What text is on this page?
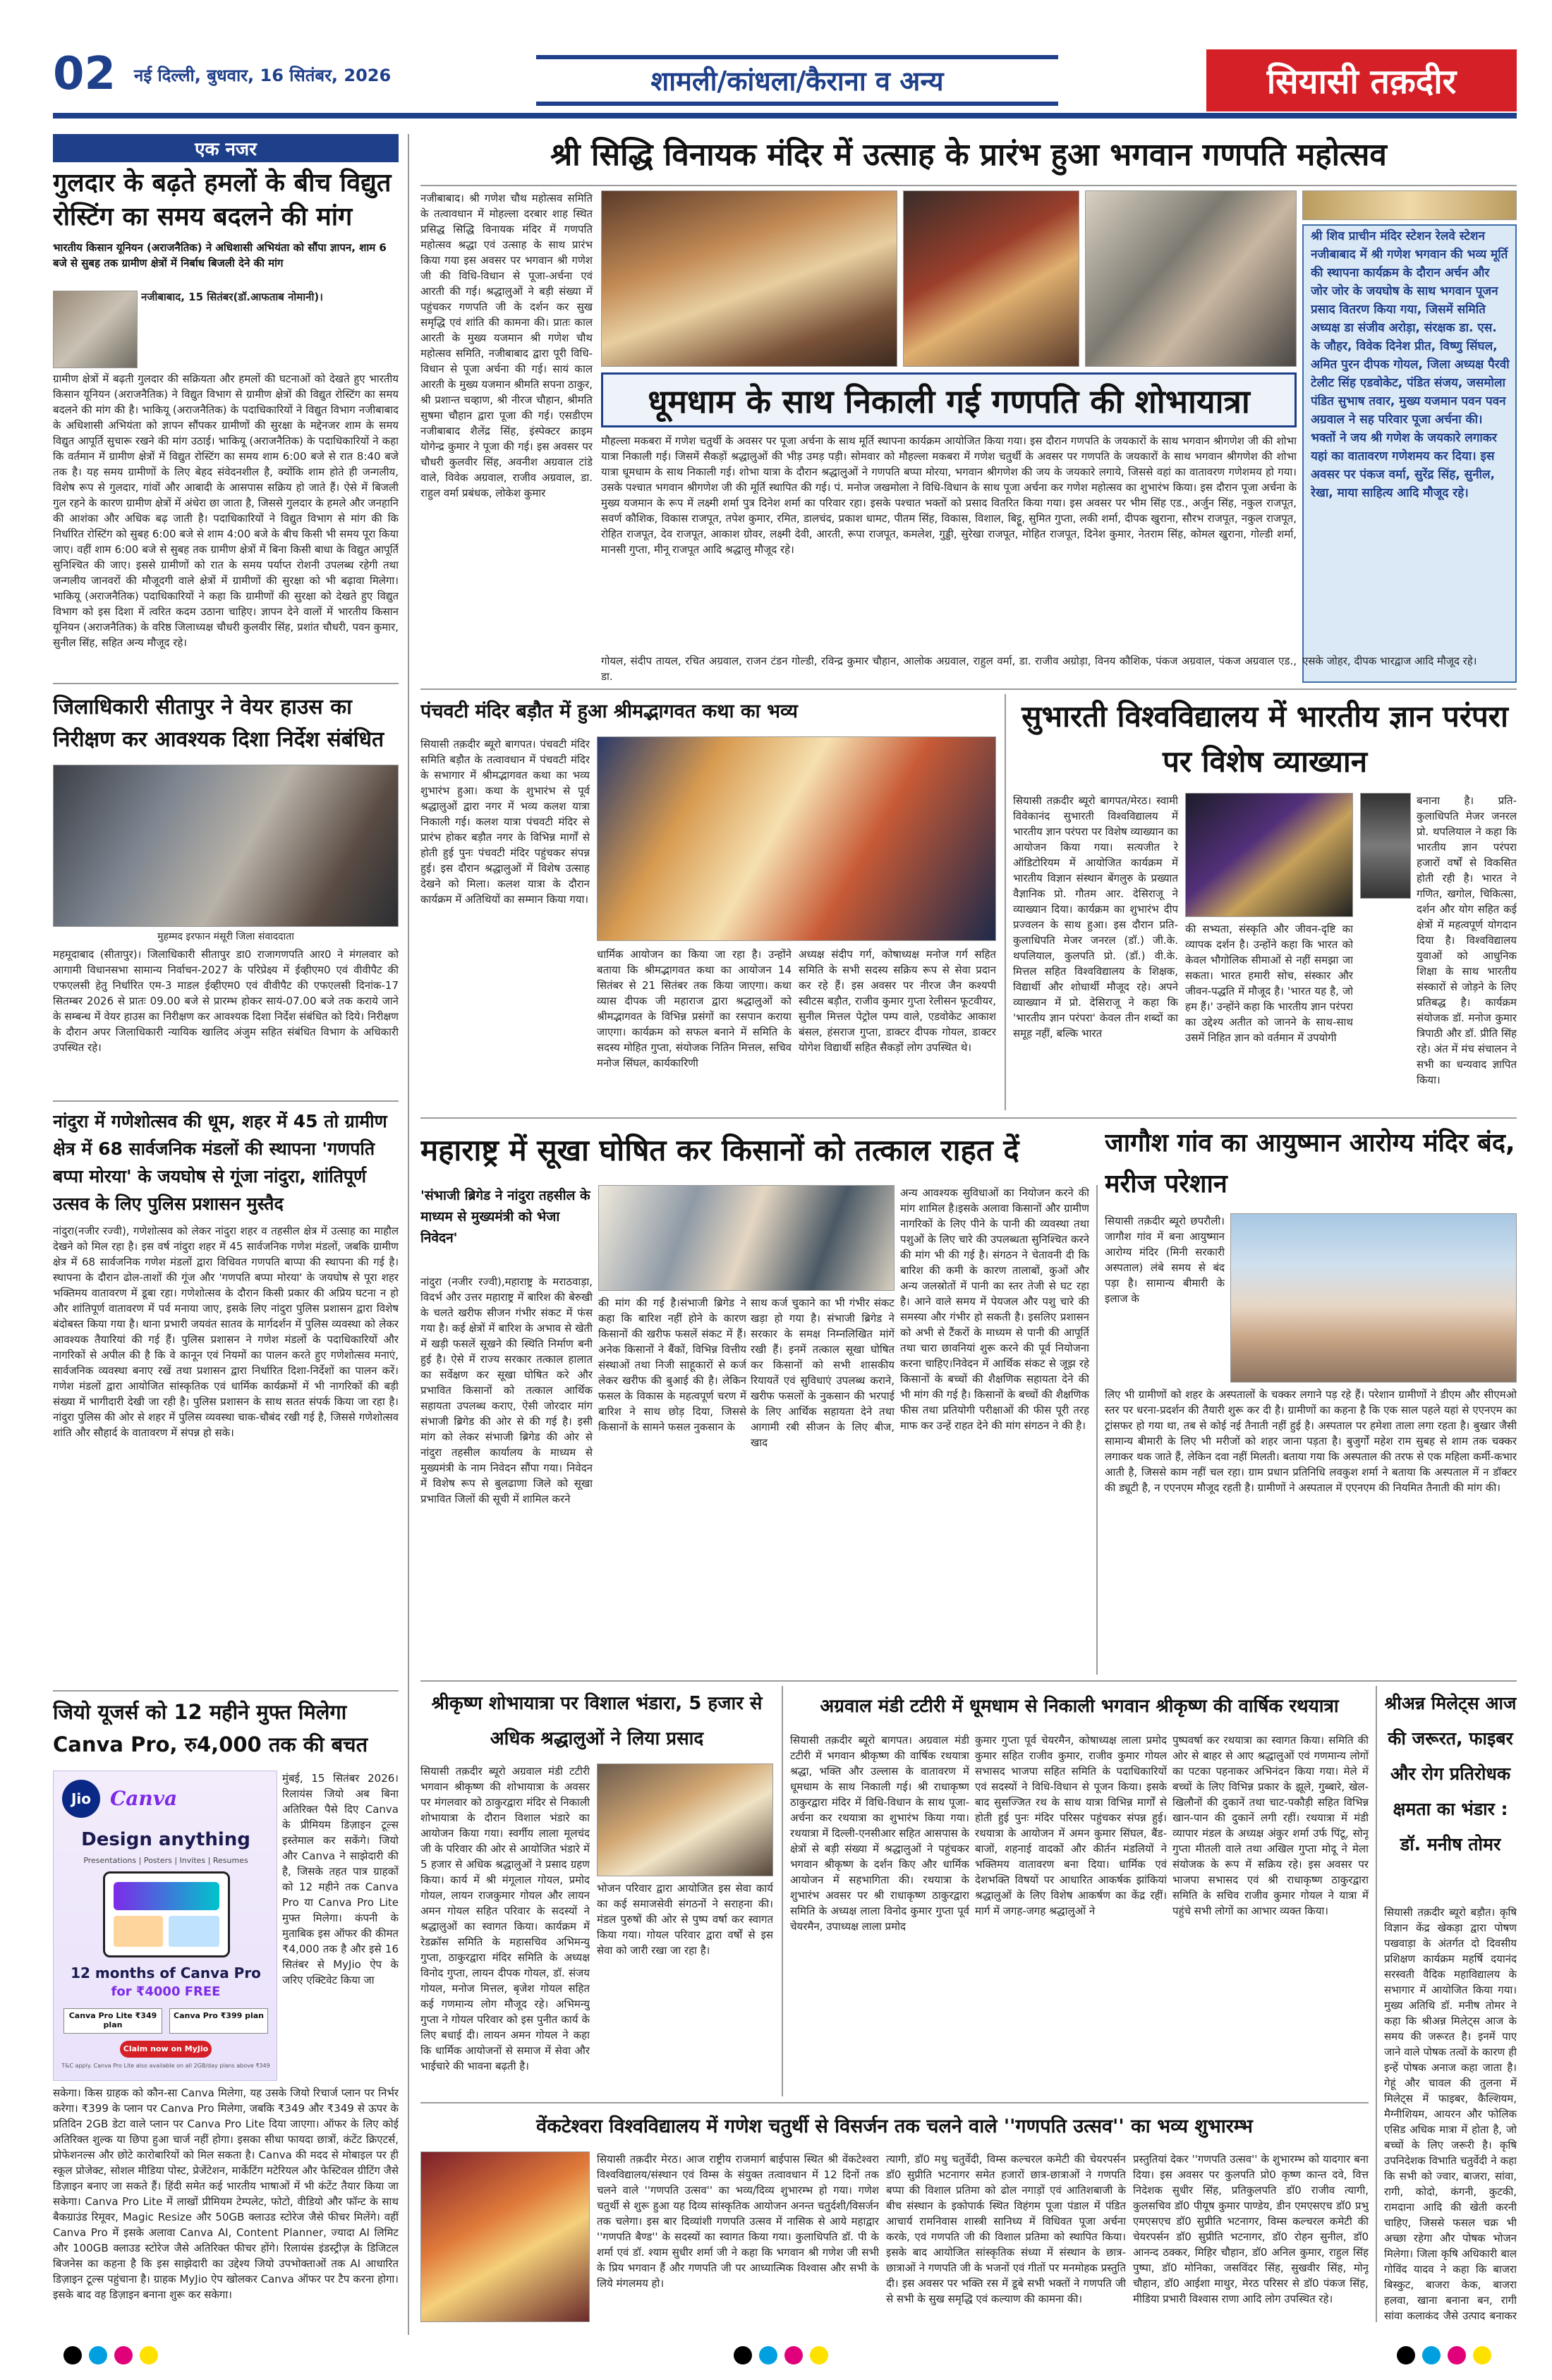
02 नई दिल्ली, बुधवार, 16 सितंबर, 2026	शामली/कांधला/कैराना व अन्य	सियासी तक़दीर
एक नजर
गुलदार के बढ़ते हमलों के बीच विद्युत रोस्टिंग का समय बदलने की मांग
भारतीय किसान यूनियन (अराजनैतिक) ने अधिशासी अभियंता को सौंपा ज्ञापन, शाम 6 बजे से सुबह तक ग्रामीण क्षेत्रों में निर्बाध बिजली देने की मांग
नजीबाबाद, 15 सितंबर(डॉ.आफताब नोमानी)।
ग्रामीण क्षेत्रों में बढ़ती गुलदार की सक्रियता और हमलों की घटनाओं को देखते हुए भारतीय किसान यूनियन (अराजनैतिक) ने विद्युत विभाग से ग्रामीण क्षेत्रों की विद्युत रोस्टिंग का समय बदलने की मांग की है। भाकियू (अराजनैतिक) के पदाधिकारियों ने विद्युत विभाग नजीबाबाद के अधिशासी अभियंता को ज्ञापन सौंपकर ग्रामीणों की सुरक्षा के मद्देनजर शाम के समय विद्युत आपूर्ति सुचारू रखने की मांग उठाई। भाकियू (अराजनैतिक) के पदाधिकारियों ने कहा कि वर्तमान में ग्रामीण क्षेत्रों में विद्युत रोस्टिंग का समय शाम 6:00 बजे से रात 8:40 बजे तक है। यह समय ग्रामीणों के लिए बेहद संवेदनशील है, क्योंकि शाम होते ही जन्गलीय, विशेष रूप से गुलदार, गांवों और आबादी के आसपास सक्रिय हो जाते हैं। ऐसे में बिजली गुल रहने के कारण ग्रामीण क्षेत्रों में अंधेरा छा जाता है, जिससे गुलदार के हमले और जनहानि की आशंका और अधिक बढ़ जाती है। पदाधिकारियों ने विद्युत विभाग से मांग की कि निर्धारित रोस्टिंग को सुबह 6:00 बजे से शाम 4:00 बजे के बीच किसी भी समय पूरा किया जाए। वहीं शाम 6:00 बजे से सुबह तक ग्रामीण क्षेत्रों में बिना किसी बाधा के विद्युत आपूर्ति सुनिश्चित की जाए। इससे ग्रामीणों को रात के समय पर्याप्त रोशनी उपलब्ध रहेगी तथा जन्गलीय जानवरों की मौजूदगी वाले क्षेत्रों में ग्रामीणों की सुरक्षा को भी बढ़ावा मिलेगा। भाकियू (अराजनैतिक) पदाधिकारियों ने कहा कि ग्रामीणों की सुरक्षा को देखते हुए विद्युत विभाग को इस दिशा में त्वरित कदम उठाना चाहिए। ज्ञापन देने वालों में भारतीय किसान यूनियन (अराजनैतिक) के वरिष्ठ जिलाध्यक्ष चौधरी कुलवीर सिंह, प्रशांत चौधरी, पवन कुमार, सुनील सिंह, सहित अन्य मौजूद रहे।
जिलाधिकारी सीतापुर ने वेयर हाउस का निरीक्षण कर आवश्यक दिशा निर्देश संबंधित
मुहम्मद इरफान मंसूरी जिला संवाददाता
महमूदाबाद (सीतापुर)। जिलाधिकारी सीतापुर डा0 राजागणपति आर0 ने मंगलवार को आगामी विधानसभा सामान्य निर्वाचन-2027 के परिप्रेक्ष्य में ईव्हीएम0 एवं वीवीपैट की एफएलसी हेतु निर्धारित एम-3 माडल ईव्हीएम0 एवं वीवीपैट की एफएलसी दिनांक-17 सितम्बर 2026 से प्रातः 09.00 बजे से प्रारम्भ होकर सायं-07.00 बजे तक कराये जाने के सम्बन्ध में वेयर हाउस का निरीक्षण कर आवश्यक दिशा निर्देश संबंधित को दिये। निरीक्षण के दौरान अपर जिलाधिकारी न्यायिक खालिद अंजुम सहित संबंधित विभाग के अधिकारी उपस्थित रहे।
नांदुरा में गणेशोत्सव की धूम, शहर में 45 तो ग्रामीण क्षेत्र में 68 सार्वजनिक मंडलों की स्थापना 'गणपति बप्पा मोरया' के जयघोष से गूंजा नांदुरा, शांतिपूर्ण उत्सव के लिए पुलिस प्रशासन मुस्तैद
नांदुरा(नजीर रज्वी), गणेशोत्सव को लेकर नांदुरा शहर व तहसील क्षेत्र में उत्साह का माहौल देखने को मिल रहा है। इस वर्ष नांदुरा शहर में 45 सार्वजनिक गणेश मंडलों, जबकि ग्रामीण क्षेत्र में 68 सार्वजनिक गणेश मंडलों द्वारा विधिवत गणपति बाप्पा की स्थापना की गई है। स्थापना के दौरान ढोल-ताशों की गूंज और 'गणपति बप्पा मोरया' के जयघोष से पूरा शहर भक्तिमय वातावरण में डूबा रहा। गणेशोत्सव के दौरान किसी प्रकार की अप्रिय घटना न हो और शांतिपूर्ण वातावरण में पर्व मनाया जाए, इसके लिए नांदुरा पुलिस प्रशासन द्वारा विशेष बंदोबस्त किया गया है। थाना प्रभारी जयवंत सातव के मार्गदर्शन में पुलिस व्यवस्था को लेकर आवश्यक तैयारियां की गई हैं। पुलिस प्रशासन ने गणेश मंडलों के पदाधिकारियों और नागरिकों से अपील की है कि वे कानून एवं नियमों का पालन करते हुए गणेशोत्सव मनाएं, सार्वजनिक व्यवस्था बनाए रखें तथा प्रशासन द्वारा निर्धारित दिशा-निर्देशों का पालन करें। गणेश मंडलों द्वारा आयोजित सांस्कृतिक एवं धार्मिक कार्यक्रमों में भी नागरिकों की बड़ी संख्या में भागीदारी देखी जा रही है। पुलिस प्रशासन के साथ सतत संपर्क किया जा रहा है। नांदुरा पुलिस की ओर से शहर में पुलिस व्यवस्था चाक-चौबंद रखी गई है, जिससे गणेशोत्सव शांति और सौहार्द के वातावरण में संपन्न हो सके।
जियो यूजर्स को 12 महीने मुफ्त मिलेगा Canva Pro, रु4,000 तक की बचत
Jio Canva
Design anything
Presentations | Posters | Invites | Resumes
12 months of Canva Pro
for ₹4000 FREE
Canva Pro Lite ₹349 plan
Canva Pro ₹399 plan
Claim now on MyJio
T&C apply. Canva Pro Lite also available on all 2GB/day plans above ₹349
मुंबई, 15 सितंबर 2026। रिलायंस जियो अब बिना अतिरिक्त पैसे दिए Canva के प्रीमियम डिज़ाइन टूल्स इस्तेमाल कर सकेंगे। जियो और Canva ने साझेदारी की है, जिसके तहत पात्र ग्राहकों को 12 महीने तक Canva Pro या Canva Pro Lite मुफ्त मिलेगा। कंपनी के मुताबिक इस ऑफर की कीमत ₹4,000 तक है और इसे 16 सितंबर से MyJio ऐप के जरिए एक्टिवेट किया जा
सकेगा। किस ग्राहक को कौन-सा Canva मिलेगा, यह उसके जियो रिचार्ज प्लान पर निर्भर करेगा। ₹399 के प्लान पर Canva Pro मिलेगा, जबकि ₹349 और ₹349 से ऊपर के प्रतिदिन 2GB डेटा वाले प्लान पर Canva Pro Lite दिया जाएगा। ऑफर के लिए कोई अतिरिक्त शुल्क या छिपा हुआ चार्ज नहीं होगा। इसका सीधा फायदा छात्रों, कंटेंट क्रिएटर्स, प्रोफेशनल्स और छोटे कारोबारियों को मिल सकता है। Canva की मदद से मोबाइल पर ही स्कूल प्रोजेक्ट, सोशल मीडिया पोस्ट, प्रेजेंटेशन, मार्केटिंग मटेरियल और फेस्टिवल ग्रीटिंग जैसे डिज़ाइन बनाए जा सकते हैं। हिंदी समेत कई भारतीय भाषाओं में भी कंटेंट तैयार किया जा सकेगा। Canva Pro Lite में लाखों प्रीमियम टेम्पलेट, फोटो, वीडियो और फॉन्ट के साथ बैकग्राउंड रिमूवर, Magic Resize और 50GB क्लाउड स्टोरेज जैसे फीचर मिलेंगे। वहीं Canva Pro में इसके अलावा Canva AI, Content Planner, ज्यादा AI लिमिट और 100GB क्लाउड स्टोरेज जैसे अतिरिक्त फीचर होंगे। रिलायंस इंडस्ट्रीज़ के डिजिटल बिजनेस का कहना है कि इस साझेदारी का उद्देश्य जियो उपभोक्ताओं तक AI आधारित डिज़ाइन टूल्स पहुंचाना है। ग्राहक MyJio ऐप खोलकर Canva ऑफर पर टैप करना होगा। इसके बाद वह डिज़ाइन बनाना शुरू कर सकेगा।
श्री सिद्धि विनायक मंदिर में उत्साह के प्रारंभ हुआ भगवान गणपति महोत्सव
नजीबाबाद। श्री गणेश चौथ महोत्सव समिति के तत्वावधान में मोहल्ला दरबार शाह स्थित प्रसिद्ध सिद्धि विनायक मंदिर में गणपति महोत्सव श्रद्धा एवं उत्साह के साथ प्रारंभ किया गया इस अवसर पर भगवान श्री गणेश जी की विधि-विधान से पूजा-अर्चना एवं आरती की गई। श्रद्धालुओं ने बड़ी संख्या में पहुंचकर गणपति जी के दर्शन कर सुख समृद्धि एवं शांति की कामना की। प्रातः काल आरती के मुख्य यजमान श्री गणेश चौथ महोत्सव समिति, नजीबाबाद द्वारा पूरी विधि- विधान से पूजा अर्चना की गई। सायं काल आरती के मुख्य यजमान श्रीमति सपना ठाकुर, श्री प्रशान्त चव्हाण, श्री नीरज चौहान, श्रीमति सुषमा चौहान द्वारा पूजा की गई। एसडीएम नजीबाबाद शैलेंद्र सिंह, इंस्पेक्टर क्राइम योगेन्द्र कुमार ने पूजा की गई। इस अवसर पर चौधरी कुलवीर सिंह, अवनीश अग्रवाल टांडे वाले, विवेक अग्रवाल, राजीव अग्रवाल, डा. राहुल वर्मा प्रबंधक, लोकेश कुमार
श्री शिव प्राचीन मंदिर स्टेशन रेलवे स्टेशन नजीबाबाद में श्री गणेश भगवान की भव्य मूर्ति की स्थापना कार्यक्रम के दौरान अर्चन और जोर जोर के जयघोष के साथ भगवान पूजन प्रसाद वितरण किया गया, जिसमें समिति अध्यक्ष डा संजीव अरोड़ा, संरक्षक डा. एस. के जौहर, विवेक दिनेश प्रीत, विष्णु सिंघल, अमित पुरन दीपक गोयल, जिला अध्यक्ष पैरवी टेलीट सिंह एडवोकेट, पंडित संजय, जसमोला पंडित सुभाष तवार, मुख्य यजमान पवन पवन अग्रवाल ने सह परिवार पूजा अर्चना की। भक्तों ने जय श्री गणेश के जयकारे लगाकर यहां का वातावरण गणेशमय कर दिया। इस अवसर पर पंकज वर्मा, सुरेंद्र सिंह, सुनील, रेखा, माया साहित्य आदि मौजूद रहे।
धूमधाम के साथ निकाली गई गणपति की शोभायात्रा
मौहल्ला मकबरा में गणेश चतुर्थी के अवसर पर पूजा अर्चना के साथ मूर्ति स्थापना कार्यक्रम आयोजित किया गया। इस दौरान गणपति के जयकारों के साथ भगवान श्रीगणेश जी की शोभा यात्रा निकाली गई। जिसमें सैकड़ों श्रद्धालुओं की भीड़ उमड़ पड़ी। सोमवार को मौहल्ला मकबरा में गणेश चतुर्थी के अवसर पर गणपति के जयकारों के साथ भगवान श्रीगणेश की शोभा यात्रा धूमधाम के साथ निकाली गई। शोभा यात्रा के दौरान श्रद्धालुओं ने गणपति बप्पा मोरया, भगवान श्रीगणेश की जय के जयकारे लगाये, जिससे वहां का वातावरण गणेशमय हो गया। उसके पश्चात भगवान श्रीगणेश जी की मूर्ति स्थापित की गई। पं. मनोज जखमोला ने विधि-विधान के साथ पूजा अर्चना कर गणेश महोत्सव का शुभारंभ किया। इस दौरान पूजा अर्चना के मुख्य यजमान के रूप में लक्ष्मी शर्मा पुत्र दिनेश शर्मा का परिवार रहा। इसके पश्चात भक्तों को प्रसाद वितरित किया गया। इस अवसर पर भीम सिंह एड., अर्जुन सिंह, नकुल राजपूत, सवर्ण कौशिक, विकास राजपूत, तपेश कुमार, रमित, डालचंद, प्रकाश धामट, पीतम सिंह, विकास, विशाल, बिट्टू, सुमित गुप्ता, लकी शर्मा, दीपक खुराना, सौरभ राजपूत, नकुल राजपूत, रोहित राजपूत, देव राजपूत, आकाश ग्रोवर, लक्ष्मी देवी, आरती, रूपा राजपूत, कमलेश, गुड्डी, सुरेखा राजपूत, मोहित राजपूत, दिनेश कुमार, नेतराम सिंह, कोमल खुराना, गोल्डी शर्मा, मानसी गुप्ता, मीनू राजपूत आदि श्रद्धालु मौजूद रहे।
गोयल, संदीप तायल, रचित अग्रवाल, राजन टंडन गोल्डी, रविन्द्र कुमार चौहान, आलोक अग्रवाल, राहुल वर्मा, डा. राजीव अग्रोड़ा, विनय कौशिक, पंकज अग्रवाल, पंकज अग्रवाल एड., डा.
एसके जोहर, दीपक भारद्वाज आदि मौजूद रहे।
पंचवटी मंदिर बड़ौत में हुआ श्रीमद्भागवत कथा का भव्य
सियासी तक़दीर ब्यूरो बागपत। पंचवटी मंदिर समिति बड़ौत के तत्वावधान में पंचवटी मंदिर के सभागार में श्रीमद्भागवत कथा का भव्य शुभारंभ हुआ। कथा के शुभारंभ से पूर्व श्रद्धालुओं द्वारा नगर में भव्य कलश यात्रा निकाली गई। कलश यात्रा पंचवटी मंदिर से प्रारंभ होकर बड़ौत नगर के विभिन्न मार्गों से होती हुई पुनः पंचवटी मंदिर पहुंचकर संपन्न हुई। इस दौरान श्रद्धालुओं में विशेष उत्साह देखने को मिला। कलश यात्रा के दौरान कार्यक्रम में अतिथियों का सम्मान किया गया।
धार्मिक आयोजन का किया जा रहा है। उन्होंने बताया कि श्रीमद्भागवत कथा का आयोजन 14 सितंबर से 21 सितंबर तक किया जाएगा। कथा व्यास दीपक जी महाराज द्वारा श्रद्धालुओं को श्रीमद्भागवत के विभिन्न प्रसंगों का रसपान कराया जाएगा। कार्यक्रम को सफल बनाने में समिति के सदस्य मोहित गुप्ता, संयोजक नितिन मित्तल, सचिव मनोज सिंघल, कार्यकारिणी
अध्यक्ष संदीप गर्ग, कोषाध्यक्ष मनोज गर्ग सहित समिति के सभी सदस्य सक्रिय रूप से सेवा प्रदान कर रहे हैं। इस अवसर पर नीरज जैन कश्यपी स्वीटस बड़ौत, राजीव कुमार गुप्ता रेलीसन फूटवीयर, सुनील मित्तल पेट्रोल पम्प वाले, एडवोकेट आकाश बंसल, हंसराज गुप्ता, डाक्टर दीपक गोयल, डाक्टर योगेश विद्यार्थी सहित सैकड़ों लोग उपस्थित थे।
सुभारती विश्वविद्यालय में भारतीय ज्ञान परंपरा पर विशेष व्याख्यान
सियासी तक़दीर ब्यूरो बागपत/मेरठ। स्वामी विवेकानंद सुभारती विश्वविद्यालय में भारतीय ज्ञान परंपरा पर विशेष व्याख्यान का आयोजन किया गया। सत्यजीत रे ऑडिटोरियम में आयोजित कार्यक्रम में भारतीय विज्ञान संस्थान बेंगलुरु के प्रख्यात वैज्ञानिक प्रो. गौतम आर. देसिराजू ने व्याख्यान दिया। कार्यक्रम का शुभारंभ दीप प्रज्वलन के साथ हुआ। इस दौरान प्रति-कुलाधिपति मेजर जनरल (डॉ.) जी.के. थपलियाल, कुलपति प्रो. (डॉ.) वी.के. मित्तल सहित विश्वविद्यालय के शिक्षक, विद्यार्थी और शोधार्थी मौजूद रहे। अपने व्याख्यान में प्रो. देसिराजू ने कहा कि 'भारतीय ज्ञान परंपरा' केवल तीन शब्दों का समूह नहीं, बल्कि भारत
की सभ्यता, संस्कृति और जीवन-दृष्टि का व्यापक दर्शन है। उन्होंने कहा कि भारत को केवल भौगोलिक सीमाओं से नहीं समझा जा सकता। भारत हमारी सोच, संस्कार और जीवन-पद्धति में मौजूद है। 'भारत यह है, जो हम हैं।' उन्होंने कहा कि भारतीय ज्ञान परंपरा का उद्देश्य अतीत को जानने के साथ-साथ उसमें निहित ज्ञान को वर्तमान में उपयोगी
बनाना है। प्रति-कुलाधिपति मेजर जनरल प्रो. थपलियाल ने कहा कि भारतीय ज्ञान परंपरा हजारों वर्षों से विकसित होती रही है। भारत ने गणित, खगोल, चिकित्सा, दर्शन और योग सहित कई क्षेत्रों में महत्वपूर्ण योगदान दिया है। विश्वविद्यालय युवाओं को आधुनिक शिक्षा के साथ भारतीय संस्कारों से जोड़ने के लिए प्रतिबद्ध है। कार्यक्रम संयोजक डॉ. मनोज कुमार त्रिपाठी और डॉ. प्रीति सिंह रहे। अंत में मंच संचालन ने सभी का धन्यवाद ज्ञापित किया।
महाराष्ट्र में सूखा घोषित कर किसानों को तत्काल राहत दें
'संभाजी ब्रिगेड ने नांदुरा तहसील के माध्यम से मुख्यमंत्री को भेजा निवेदन'
नांदुरा (नजीर रज्वी),महाराष्ट्र के मराठवाड़ा, विदर्भ और उत्तर महाराष्ट्र में बारिश की बेरुखी के चलते खरीफ सीजन गंभीर संकट में फंस गया है। कई क्षेत्रों में बारिश के अभाव से खेती में खड़ी फसलें सूखने की स्थिति निर्माण बनी हुई है। ऐसे में राज्य सरकार तत्काल हालात का सर्वेक्षण कर सूखा घोषित करे और प्रभावित किसानों को तत्काल आर्थिक सहायता उपलब्ध कराए, ऐसी जोरदार मांग संभाजी ब्रिगेड की ओर से की गई है। इसी मांग को लेकर संभाजी ब्रिगेड की ओर से नांदुरा तहसील कार्यालय के माध्यम से मुख्यमंत्री के नाम निवेदन सौंपा गया। निवेदन में विशेष रूप से बुलढाणा जिले को सूखा प्रभावित जिलों की सूची में शामिल करने
की मांग की गई है।संभाजी ब्रिगेड ने कहा कि बारिश नहीं होने के कारण किसानों की खरीफ फसलें संकट में हैं। अनेक किसानों ने बैंकों, विभिन्न वित्तीय संस्थाओं तथा निजी साहूकारों से कर्ज लेकर खरीफ की बुआई की है। लेकिन फसल के विकास के महत्वपूर्ण चरण में बारिश ने साथ छोड़ दिया, जिससे किसानों के सामने फसल नुकसान के
साथ कर्ज चुकाने का भी गंभीर संकट खड़ा हो गया है। संभाजी ब्रिगेड ने सरकार के समक्ष निम्नलिखित मांगें रखी हैं। इनमें तत्काल सूखा घोषित कर किसानों को सभी शासकीय रियायतें एवं सुविधाएं उपलब्ध कराने, खरीफ फसलों के नुकसान की भरपाई के लिए आर्थिक सहायता देने तथा आगामी रबी सीजन के लिए बीज, खाद
अन्य आवश्यक सुविधाओं का नियोजन करने की मांग शामिल है।इसके अलावा किसानों और ग्रामीण नागरिकों के लिए पीने के पानी की व्यवस्था तथा पशुओं के लिए चारे की उपलब्धता सुनिश्चित करने की मांग भी की गई है। संगठन ने चेतावनी दी कि बारिश की कमी के कारण तालाबों, कुओं और अन्य जलस्रोतों में पानी का स्तर तेजी से घट रहा है। आने वाले समय में पेयजल और पशु चारे की समस्या और गंभीर हो सकती है। इसलिए प्रशासन को अभी से टैंकरों के माध्यम से पानी की आपूर्ति तथा चारा छावनियां शुरू करने की पूर्व नियोजना करना चाहिए।निवेदन में आर्थिक संकट से जूझ रहे किसानों के बच्चों की शैक्षणिक सहायता देने की भी मांग की गई है। किसानों के बच्चों की शैक्षणिक फीस तथा प्रतियोगी परीक्षाओं की फीस पूरी तरह माफ कर उन्हें राहत देने की मांग संगठन ने की है।
जागौश गांव का आयुष्मान आरोग्य मंदिर बंद, मरीज परेशान
सियासी तक़दीर ब्यूरो छपरौली। जागौश गांव में बना आयुष्मान आरोग्य मंदिर (मिनी सरकारी अस्पताल) लंबे समय से बंद पड़ा है। सामान्य बीमारी के इलाज के
लिए भी ग्रामीणों को शहर के अस्पतालों के चक्कर लगाने पड़ रहे हैं। परेशान ग्रामीणों ने डीएम और सीएमओ स्तर पर धरना-प्रदर्शन की तैयारी शुरू कर दी है। ग्रामीणों का कहना है कि एक साल पहले यहां से एएनएम का ट्रांसफर हो गया था, तब से कोई नई तैनाती नहीं हुई है। अस्पताल पर हमेशा ताला लगा रहता है। बुखार जैसी सामान्य बीमारी के लिए भी मरीजों को शहर जाना पड़ता है। बुजुर्गों महेश राम सुबह से शाम तक चक्कर लगाकर थक जाते हैं, लेकिन दवा नहीं मिलती। बताया गया कि अस्पताल की तरफ से एक महिला कर्मी-कभार आती है, जिससे काम नहीं चल रहा। ग्राम प्रधान प्रतिनिधि लवकुश शर्मा ने बताया कि अस्पताल में न डॉक्टर की ड्यूटी है, न एएनएम मौजूद रहती है। ग्रामीणों ने अस्पताल में एएनएम की नियमित तैनाती की मांग की।
श्रीकृष्ण शोभायात्रा पर विशाल भंडारा, 5 हजार से अधिक श्रद्धालुओं ने लिया प्रसाद
सियासी तक़दीर ब्यूरो अग्रवाल मंडी टटीरी भगवान श्रीकृष्ण की शोभायात्रा के अवसर पर मंगलवार को ठाकुरद्वारा मंदिर से निकाली शोभायात्रा के दौरान विशाल भंडारे का आयोजन किया गया। स्वर्गीय लाला मूलचंद जी के परिवार की ओर से आयोजित भंडारे में 5 हजार से अधिक श्रद्धालुओं ने प्रसाद ग्रहण किया। कार्य में श्री मंगूलाल गोयल, प्रमोद गोयल, लायन राजकुमार गोयल और लायन अमन गोयल सहित परिवार के सदस्यों ने श्रद्धालुओं का स्वागत किया। कार्यक्रम में रेडक्रॉस समिति के महासचिव अभिमन्यु गुप्ता, ठाकुरद्वारा मंदिर समिति के अध्यक्ष विनोद गुप्ता, लायन दीपक गोयल, डॉ. संजय गोयल, मनोज मित्तल, बृजेश गोयल सहित कई गणमान्य लोग मौजूद रहे। अभिमन्यु गुप्ता ने गोयल परिवार को इस पुनीत कार्य के लिए बधाई दी। लायन अमन गोयल ने कहा कि धार्मिक आयोजनों से समाज में सेवा और भाईचारे की भावना बढ़ती है।
भोजन परिवार द्वारा आयोजित इस सेवा कार्य का कई समाजसेवी संगठनों ने सराहना की। मंडल पुरुषों की ओर से पुष्प वर्षा कर स्वागत किया गया। गोयल परिवार द्वारा वर्षों से इस सेवा को जारी रखा जा रहा है।
अग्रवाल मंडी टटीरी में धूमधाम से निकाली भगवान श्रीकृष्ण की वार्षिक रथयात्रा
सियासी तक़दीर ब्यूरो बागपत। अग्रवाल मंडी टटीरी में भगवान श्रीकृष्ण की वार्षिक रथयात्रा श्रद्धा, भक्ति और उल्लास के वातावरण में धूमधाम के साथ निकाली गई। श्री राधाकृष्ण ठाकुरद्वारा मंदिर में विधि-विधान के साथ पूजा-अर्चना कर रथयात्रा का शुभारंभ किया गया। रथयात्रा में दिल्ली-एनसीआर सहित आसपास के क्षेत्रों से बड़ी संख्या में श्रद्धालुओं ने पहुंचकर भगवान श्रीकृष्ण के दर्शन किए और धार्मिक आयोजन में सहभागिता की। रथयात्रा के शुभारंभ अवसर पर श्री राधाकृष्ण ठाकुरद्वारा समिति के अध्यक्ष लाला विनोद कुमार गुप्ता पूर्व चेयरमैन, उपाध्यक्ष लाला प्रमोद
कुमार गुप्ता पूर्व चेयरमैन, कोषाध्यक्ष लाला प्रमोद कुमार सहित राजीव कुमार, राजीव कुमार गोयल सभासद भाजपा सहित समिति के पदाधिकारियों एवं सदस्यों ने विधि-विधान से पूजन किया। इसके बाद सुसज्जित रथ के साथ यात्रा विभिन्न मार्गों से होती हुई पुनः मंदिर परिसर पहुंचकर संपन्न हुई। रथयात्रा के आयोजन में अमन कुमार सिंघल, बैंड-बाजों, शहनाई वादकों और कीर्तन मंडलियों ने भक्तिमय वातावरण बना दिया। धार्मिक एवं देशभक्ति विषयों पर आधारित आकर्षक झांकियां श्रद्धालुओं के लिए विशेष आकर्षण का केंद्र रहीं। मार्ग में जगह-जगह श्रद्धालुओं ने
पुष्पवर्षा कर रथयात्रा का स्वागत किया। समिति की ओर से बाहर से आए श्रद्धालुओं एवं गणमान्य लोगों का पटका पहनाकर अभिनंदन किया गया। मेले में बच्चों के लिए विभिन्न प्रकार के झूले, गुब्बारे, खेल-खिलौनों की दुकानें तथा चाट-पकौड़ी सहित विभिन्न खान-पान की दुकानें लगी रहीं। रथयात्रा में मंडी व्यापार मंडल के अध्यक्ष अंकुर शर्मा उर्फ पिंटू, सोनू गुप्ता मीतली वाले तथा अखिल गुप्ता मोदू ने मेला संयोजक के रूप में सक्रिय रहे। इस अवसर पर भाजपा सभासद एवं श्री राधाकृष्ण ठाकुरद्वारा समिति के सचिव राजीव कुमार गोयल ने यात्रा में पहुंचे सभी लोगों का आभार व्यक्त किया।
श्रीअन्न मिलेट्स आज की जरूरत, फाइबर और रोग प्रतिरोधक क्षमता का भंडार : डॉ. मनीष तोमर
सियासी तक़दीर ब्यूरो बड़ौत। कृषि विज्ञान केंद्र खेकड़ा द्वारा पोषण पखवाड़ा के अंतर्गत दो दिवसीय प्रशिक्षण कार्यक्रम महर्षि दयानंद सरस्वती वैदिक महाविद्यालय के सभागार में आयोजित किया गया। मुख्य अतिथि डॉ. मनीष तोमर ने कहा कि श्रीअन्न मिलेट्स आज के समय की जरूरत है। इनमें पाए जाने वाले पोषक तत्वों के कारण ही इन्हें पोषक अनाज कहा जाता है। गेहूं और चावल की तुलना में मिलेट्स में फाइबर, कैल्शियम, मैग्नीशियम, आयरन और फोलिक एसिड अधिक मात्रा में होता है, जो बच्चों के लिए जरूरी है। कृषि उपनिदेशक विभाति चतुर्वेदी ने कहा कि सभी को ज्वार, बाजरा, सांवा, रागी, कोदो, कंगनी, कुटकी, रामदाना आदि की खेती करनी चाहिए, जिससे फसल चक्र भी अच्छा रहेगा और पोषक भोजन मिलेगा। जिला कृषि अधिकारी बाल गोविंद यादव ने कहा कि बाजरा बिस्कुट, बाजरा केक, बाजरा हलवा, खाना बनाना बन, रागी सांवा कलाकंद जैसे उत्पाद बनाकर
वेंकटेश्वरा विश्वविद्यालय में गणेश चतुर्थी से विसर्जन तक चलने वाले ''गणपति उत्सव'' का भव्य शुभारम्भ
सियासी तक़दीर मेरठ। आज राष्ट्रीय राजमार्ग बाईपास स्थित श्री वेंकटेश्वरा विश्वविद्यालय/संस्थान एवं विम्स के संयुक्त तत्वावधान में 12 दिनों तक चलने वाले ''गणपति उत्सव'' का भव्य/दिव्य शुभारम्भ हो गया। गणेश चतुर्थी से शुरू हुआ यह दिव्य सांस्कृतिक आयोजन अनन्त चतुर्दशी/विसर्जन तक चलेगा। इस बार दिव्यांशी गणपति उत्सव में नासिक से आये महाद्वार ''गणपति बैण्ड'' के सदस्यों का स्वागत किया गया। कुलाधिपति डॉ. पी के शर्मा एवं डॉ. श्याम सुधीर शर्मा जी ने कहा कि भगवान श्री गणेश जी सभी के प्रिय भगवान हैं और गणपति जी पर आध्यात्मिक विश्वास और सभी के लिये मंगलमय हो।
त्यागी, डॉ0 मधु चतुर्वेदी, विम्स कल्चरल कमेटी की चेयरपर्सन डॉ0 सुप्रीति भटनागर समेत हजारों छात्र-छात्राओं ने गणपति बप्पा की विशाल प्रतिमा को ढोल नगाड़ों एवं आतिशबाजी के बीच संस्थान के इकोपार्क स्थित विहंगम पूजा पंडाल में पंडित आचार्य रामनिवास शास्त्री सानिध्य में विधिवत पूजा अर्चना करके, एवं गणपति जी की विशाल प्रतिमा को स्थापित किया। इसके बाद आयोजित सांस्कृतिक संध्या में संस्थान के छात्र-छात्राओं ने गणपति जी के भजनों एवं गीतों पर मनमोहक प्रस्तुति दी। इस अवसर पर भक्ति रस में डूबे सभी भक्तों ने गणपति जी से सभी के सुख समृद्धि एवं कल्याण की कामना की।
प्रस्तुतियां देकर ''गणपति उत्सव'' के शुभारम्भ को यादगार बना दिया। इस अवसर पर कुलपति प्रो0 कृष्ण कान्त दवे, वित्त निदेशक सुधीर सिंह, प्रतिकुलपति डॉ0 राजीव त्यागी, कुलसचिव डॉ0 पीयूष कुमार पाण्डेय, डीन एमएसएच डॉ0 प्रभु एमएसएच डॉ0 सुप्रीति भटनागर, विम्स कल्चरल कमेटी की चेयरपर्सन डॉ0 सुप्रीति भटनागर, डॉ0 रोहन सुनील, डॉ0 आनन्द ठक्कर, मिहिर चौहान, डॉ0 अनिल कुमार, राहुल सिंह पुष्पा, डॉ0 मोनिका, जसविंदर सिंह, सुखवीर सिंह, मोनू चौहान, डॉ0 आईशा माथुर, मेरठ परिसर से डॉ0 पंकज सिंह, मीडिया प्रभारी विश्वास राणा आदि लोग उपस्थित रहे।
